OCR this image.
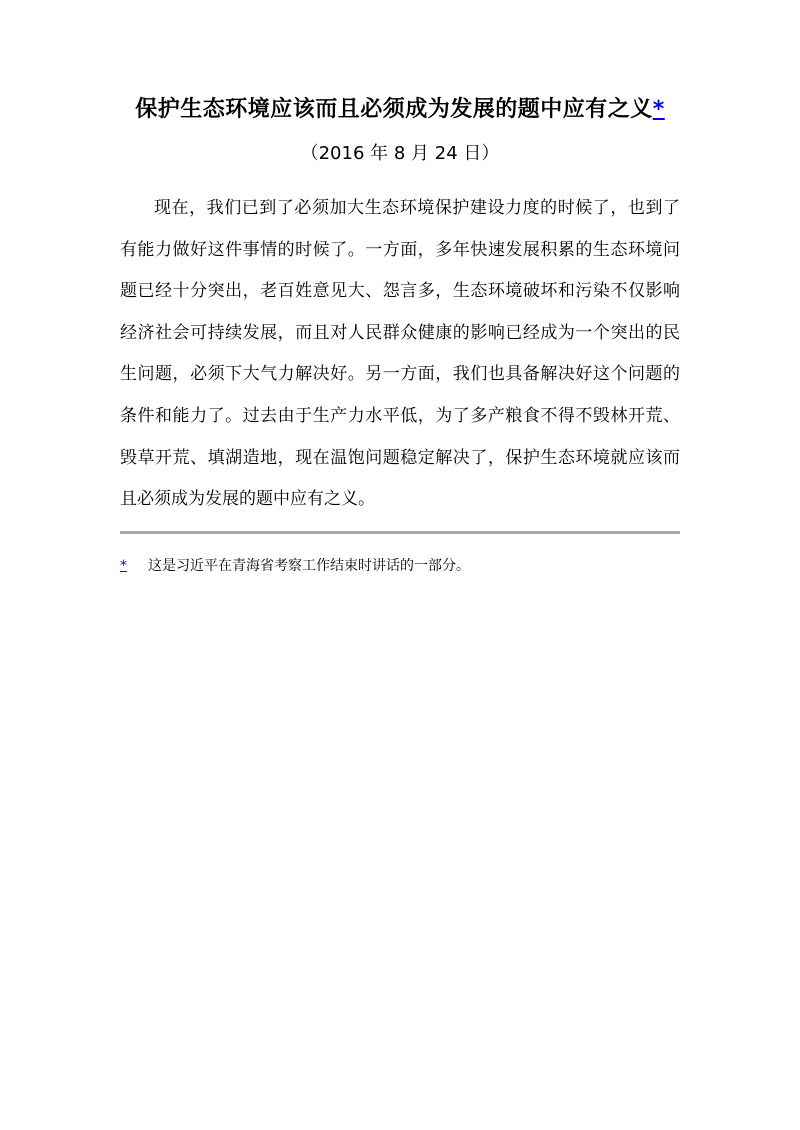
保护生态环境应该而且必须成为发展的题中应有之义*

（2016 年 8 月 24 日）

现在，我们已到了必须加大生态环境保护建设力度的时候了，也到了有能力做好这件事情的时候了。一方面，多年快速发展积累的生态环境问题已经十分突出，老百姓意见大、怨言多，生态环境破坏和污染不仅影响经济社会可持续发展，而且对人民群众健康的影响已经成为一个突出的民生问题，必须下大气力解决好。另一方面，我们也具备解决好这个问题的条件和能力了。过去由于生产力水平低，为了多产粮食不得不毁林开荒、毁草开荒、填湖造地，现在温饱问题稳定解决了，保护生态环境就应该而且必须成为发展的题中应有之义。

*	这是习近平在青海省考察工作结束时讲话的一部分。
